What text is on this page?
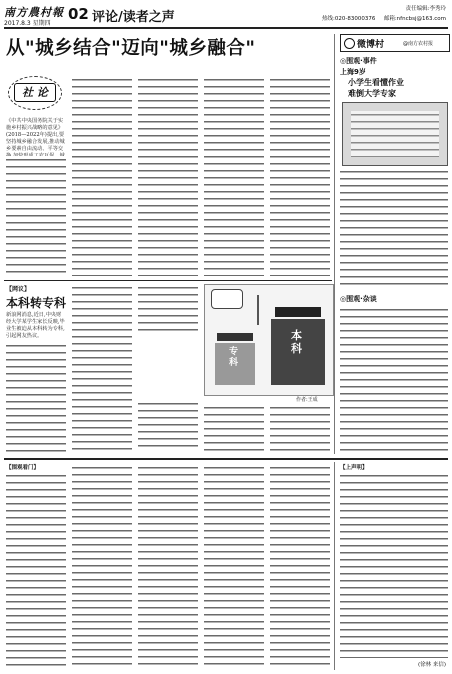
南方農村報
2017.8.3 星期四
02 评论/读者之声
责任编辑:李秀玲
热线:020-83000376 邮箱:nfncbsj@163.com
从"城乡结合"迈向"城乡融合"
社 论
《中共中央国务院关于实施乡村振兴战略的意见》(2018—2022年)提出,要坚持城乡融合发展,推动城乡要素自由流动、平等交
微博村	@南方农村报
◎围观·事件
上海9岁
小学生看懂作业
难倒大学专家
◎围观·杂谈
【网议】
本科转专科
新浪网消息,近日,中央财经大学某学生家长反映,毕业生被迫从本科转为专科,引起网友热议。
专科
本科
作者:王成
【围观看门】	【上声明】
(徐林 来信)
